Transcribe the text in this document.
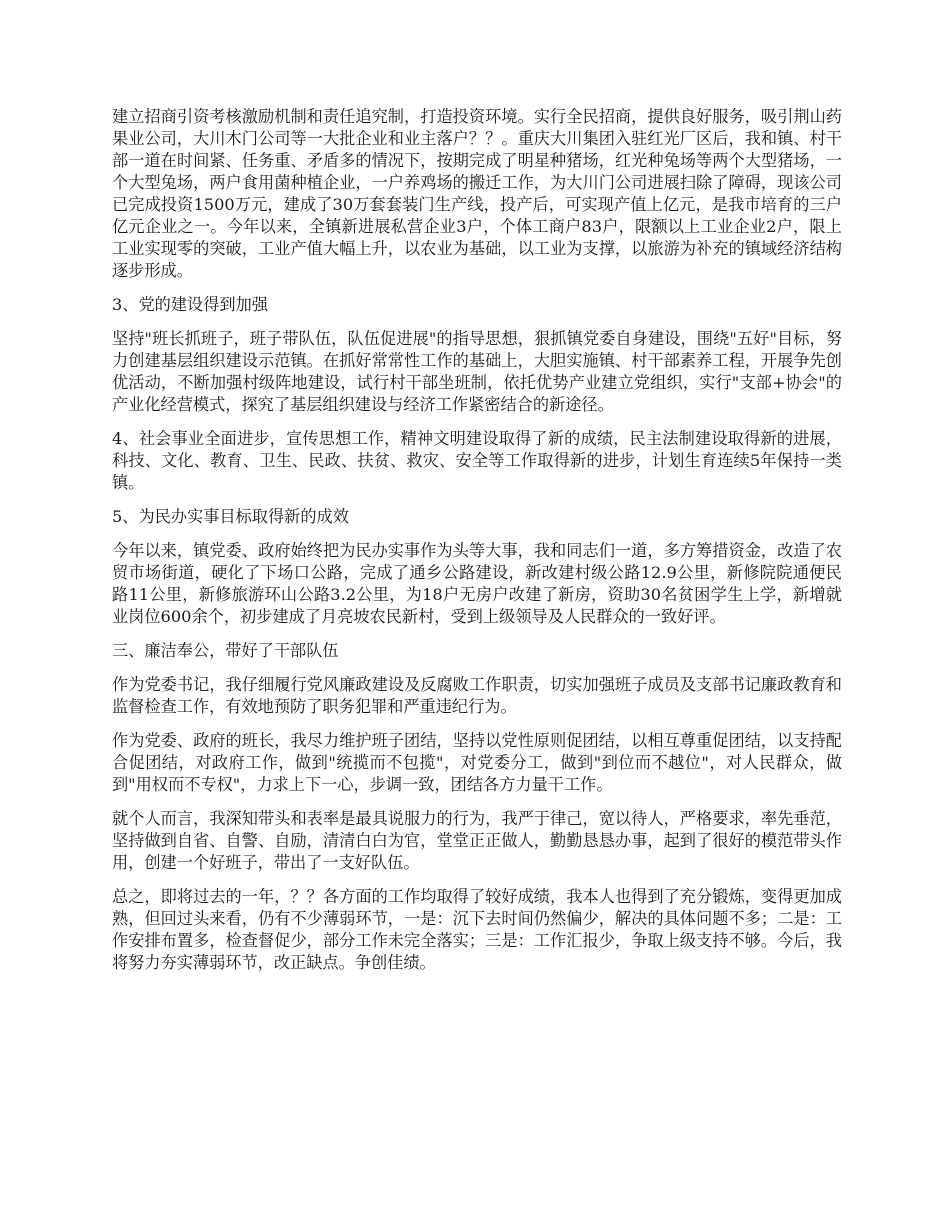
建立招商引资考核激励机制和责任追究制，打造投资环境。实行全民招商，提供良好服务，吸引荆山药果业公司，大川木门公司等一大批企业和业主落户？？。重庆大川集团入驻红光厂区后，我和镇、村干部一道在时间紧、任务重、矛盾多的情况下，按期完成了明星种猪场，红光种兔场等两个大型猪场，一个大型兔场，两户食用菌种植企业，一户养鸡场的搬迁工作，为大川门公司进展扫除了障碍，现该公司已完成投资1500万元，建成了30万套套装门生产线，投产后，可实现产值上亿元，是我市培育的三户亿元企业之一。今年以来，全镇新进展私营企业3户，个体工商户83户，限额以上工业企业2户，限上工业实现零的突破，工业产值大幅上升，以农业为基础，以工业为支撑，以旅游为补充的镇域经济结构逐步形成。

3、党的建设得到加强

坚持"班长抓班子，班子带队伍，队伍促进展"的指导思想，狠抓镇党委自身建设，围绕"五好"目标，努力创建基层组织建设示范镇。在抓好常常性工作的基础上，大胆实施镇、村干部素养工程，开展争先创优活动，不断加强村级阵地建设，试行村干部坐班制，依托优势产业建立党组织，实行"支部+协会"的产业化经营模式，探究了基层组织建设与经济工作紧密结合的新途径。

4、社会事业全面进步，宣传思想工作，精神文明建设取得了新的成绩，民主法制建设取得新的进展，科技、文化、教育、卫生、民政、扶贫、救灾、安全等工作取得新的进步，计划生育连续5年保持一类镇。

5、为民办实事目标取得新的成效

今年以来，镇党委、政府始终把为民办实事作为头等大事，我和同志们一道，多方筹措资金，改造了农贸市场街道，硬化了下场口公路，完成了通乡公路建设，新改建村级公路12.9公里，新修院院通便民路11公里，新修旅游环山公路3.2公里，为18户无房户改建了新房，资助30名贫困学生上学，新增就业岗位600余个，初步建成了月亮坡农民新村，受到上级领导及人民群众的一致好评。

三、廉洁奉公，带好了干部队伍

作为党委书记，我仔细履行党风廉政建设及反腐败工作职责，切实加强班子成员及支部书记廉政教育和监督检查工作，有效地预防了职务犯罪和严重违纪行为。

作为党委、政府的班长，我尽力维护班子团结，坚持以党性原则促团结，以相互尊重促团结，以支持配合促团结，对政府工作，做到"统揽而不包揽"，对党委分工，做到"到位而不越位"，对人民群众，做到"用权而不专权"，力求上下一心，步调一致，团结各方力量干工作。

就个人而言，我深知带头和表率是最具说服力的行为，我严于律己，宽以待人，严格要求，率先垂范，坚持做到自省、自警、自励，清清白白为官，堂堂正正做人，勤勤恳恳办事，起到了很好的模范带头作用，创建一个好班子，带出了一支好队伍。

总之，即将过去的一年，？？各方面的工作均取得了较好成绩，我本人也得到了充分锻炼，变得更加成熟，但回过头来看，仍有不少薄弱环节，一是：沉下去时间仍然偏少，解决的具体问题不多；二是：工作安排布置多，检查督促少，部分工作未完全落实；三是：工作汇报少，争取上级支持不够。今后，我将努力夯实薄弱环节，改正缺点。争创佳绩。
